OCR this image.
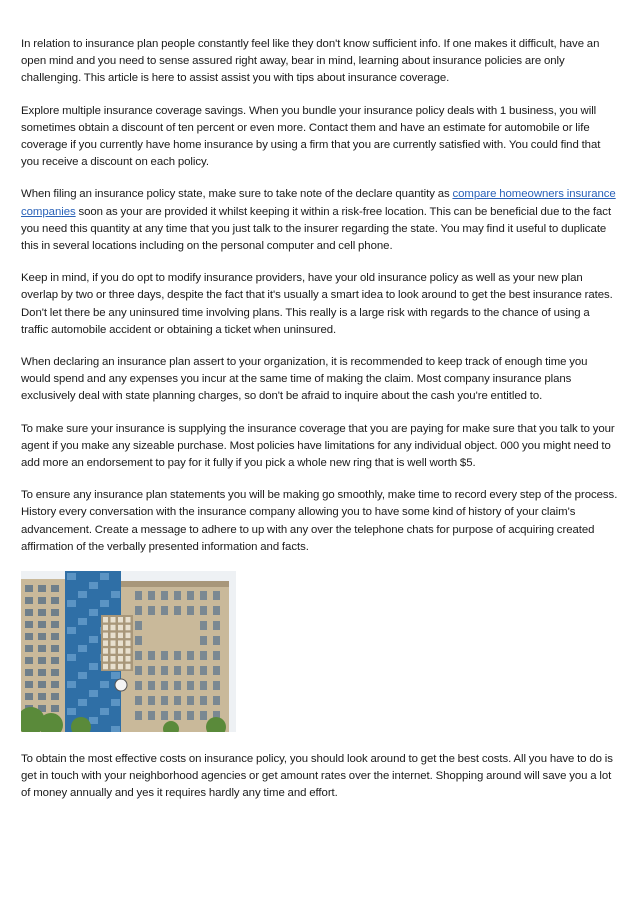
In relation to insurance plan people constantly feel like they don't know sufficient info. If one makes it difficult, have an open mind and you need to sense assured right away, bear in mind, learning about insurance policies are only challenging. This article is here to assist assist you with tips about insurance coverage.

Explore multiple insurance coverage savings. When you bundle your insurance policy deals with 1 business, you will sometimes obtain a discount of ten percent or even more. Contact them and have an estimate for automobile or life coverage if you currently have home insurance by using a firm that you are currently satisfied with. You could find that you receive a discount on each policy.

When filing an insurance policy state, make sure to take note of the declare quantity as compare homeowners insurance companies soon as your are provided it whilst keeping it within a risk-free location. This can be beneficial due to the fact you need this quantity at any time that you just talk to the insurer regarding the state. You may find it useful to duplicate this in several locations including on the personal computer and cell phone.

Keep in mind, if you do opt to modify insurance providers, have your old insurance policy as well as your new plan overlap by two or three days, despite the fact that it's usually a smart idea to look around to get the best insurance rates. Don't let there be any uninsured time involving plans. This really is a large risk with regards to the chance of using a traffic automobile accident or obtaining a ticket when uninsured.

When declaring an insurance plan assert to your organization, it is recommended to keep track of enough time you would spend and any expenses you incur at the same time of making the claim. Most company insurance plans exclusively deal with state planning charges, so don't be afraid to inquire about the cash you're entitled to.

To make sure your insurance is supplying the insurance coverage that you are paying for make sure that you talk to your agent if you make any sizeable purchase. Most policies have limitations for any individual object. 000 you might need to add more an endorsement to pay for it fully if you pick a whole new ring that is well worth $5.

To ensure any insurance plan statements you will be making go smoothly, make time to record every step of the process. History every conversation with the insurance company allowing you to have some kind of history of your claim's advancement. Create a message to adhere to up with any over the telephone chats for purpose of acquiring created affirmation of the verbally presented information and facts.

To obtain the most effective costs on insurance policy, you should look around to get the best costs. All you have to do is get in touch with your neighborhood agencies or get amount rates over the internet. Shopping around will save you a lot of money annually and yes it requires hardly any time and effort.
